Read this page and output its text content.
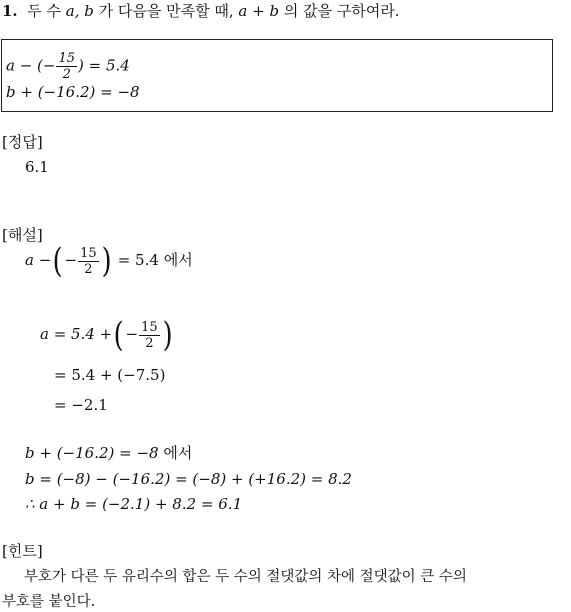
1. 두 수 a, b 가 다음을 만족할 때, a + b 의 값을 구하여라.
a − (− $\frac{15}{2}$ ) = 5.4
b + (−16.2) = −8
[정답]
6.1
[해설]
a −( − $\frac{15}{2}$ ) = 5.4 에서
a = 5.4 +( − $\frac{15}{2}$ )
= 5.4 + (−7.5)
= −2.1
b + (−16.2) = −8 에서
b = (−8) − (−16.2) = (−8) + (+16.2) = 8.2
∴ a + b = (−2.1) + 8.2 = 6.1
[힌트]
부호가 다른 두 유리수의 합은 두 수의 절댓값의 차에 절댓값이 큰 수의
부호를 붙인다.
